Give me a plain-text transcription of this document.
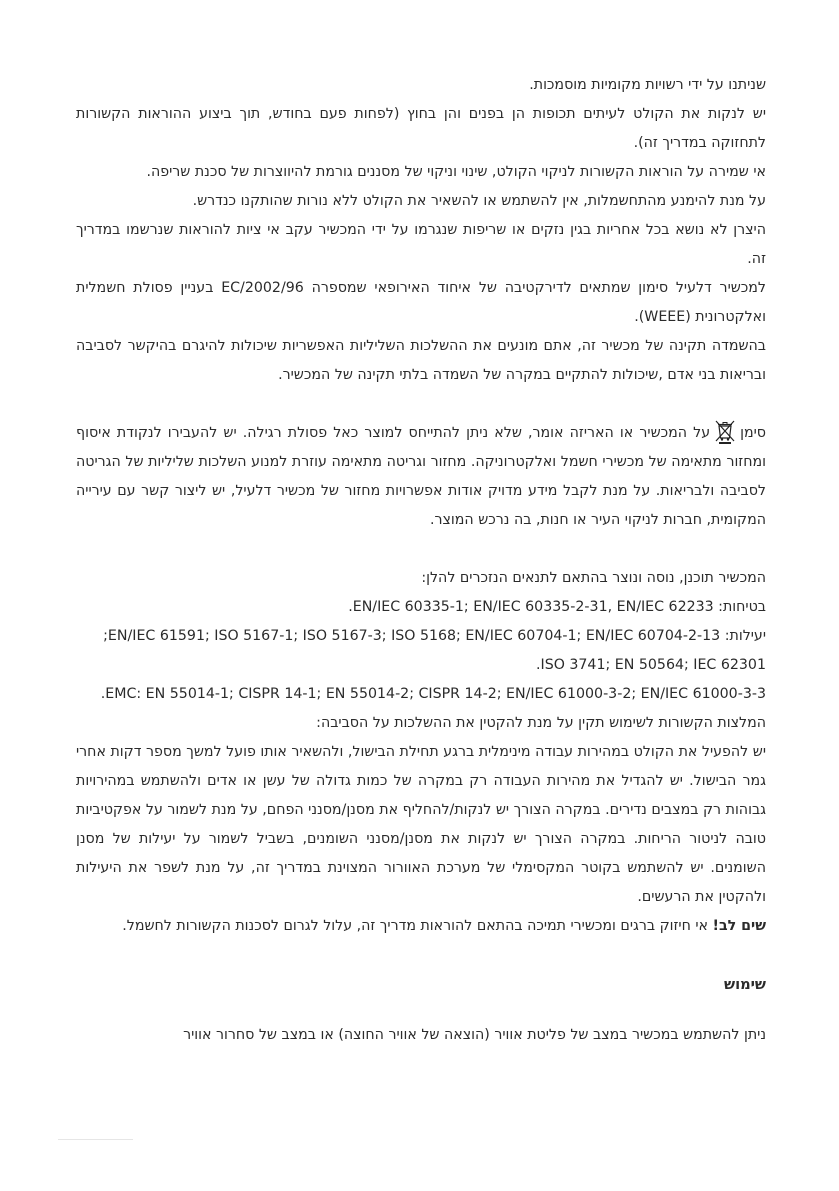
שניתנו על ידי רשויות מקומיות מוסמכות.

יש לנקות את הקולט לעיתים תכופות הן בפנים והן בחוץ (לפחות פעם בחודש, תוך ביצוע ההוראות הקשורות לתחזוקה במדריך זה).

אי שמירה על הוראות הקשורות לניקוי הקולט, שינוי וניקוי של מסננים גורמת להיווצרות של סכנת שריפה.

על מנת להימנע מהתחשמלות, אין להשתמש או להשאיר את הקולט ללא נורות שהותקנו כנדרש.

היצרן לא נושא בכל אחריות בגין נזקים או שריפות שנגרמו על ידי המכשיר עקב אי ציות להוראות שנרשמו במדריך זה.

למכשיר דלעיל סימון שמתאים לדירקטיבה של איחוד האירופאי שמספרה EC/2002/96 בעניין פסולת חשמלית ואלקטרונית (WEEE).

בהשמדה תקינה של מכשיר זה, אתם מונעים את ההשלכות השליליות האפשריות שיכולות להיגרם בהיקשר לסביבה ובריאות בני אדם ,שיכולות להתקיים במקרה של השמדה בלתי תקינה של המכשיר.

סימןעל המכשיר או האריזה אומר, שלא ניתן להתייחס למוצר כאל פסולת רגילה. יש להעבירו לנקודת איסוף ומחזור מתאימה של מכשירי חשמל ואלקטרוניקה. מחזור וגריטה מתאימה עוזרת למנוע השלכות שליליות של הגריטה לסביבה ולבריאות. על מנת לקבל מידע מדויק אודות אפשרויות מחזור של מכשיר דלעיל, יש ליצור קשר עם עירייה המקומית, חברות לניקוי העיר או חנות, בה נרכש המוצר.

המכשיר תוכנן, נוסה ונוצר בהתאם לתנאים הנזכרים להלן:

בטיחות: EN/IEC 60335-1; EN/IEC 60335-2-31, EN/IEC 62233.

יעילות: EN/IEC 61591; ISO 5167-1; ISO 5167-3; ISO 5168; EN/IEC 60704-1; EN/IEC 60704-2-13;

ISO 3741; EN 50564; IEC 62301.

EMC: EN 55014-1; CISPR 14-1; EN 55014-2; CISPR 14-2; EN/IEC 61000-3-2; EN/IEC 61000-3-3.

המלצות הקשורות לשימוש תקין על מנת להקטין את ההשלכות על הסביבה:

יש להפעיל את הקולט במהירות עבודה מינימלית ברגע תחילת הבישול, ולהשאיר אותו פועל למשך מספר דקות אחרי גמר הבישול. יש להגדיל את מהירות העבודה רק במקרה של כמות גדולה של עשן או אדים ולהשתמש במהירויות גבוהות רק במצבים נדירים. במקרה הצורך יש לנקות/להחליף את מסנן/מסנני הפחם, על מנת לשמור על אפקטיביות טובה לניטור הריחות. במקרה הצורך יש לנקות את מסנן/מסנני השומנים, בשביל לשמור על יעילות של מסנן השומנים. יש להשתמש בקוטר המקסימלי של מערכת האוורור המצוינת במדריך זה, על מנת לשפר את היעילות ולהקטין את הרעשים.

שים לב! אי חיזוק ברגים ומכשירי תמיכה בהתאם להוראות מדריך זה, עלול לגרום לסכנות הקשורות לחשמל.

שימוש

ניתן להשתמש במכשיר במצב של פליטת אוויר (הוצאה של אוויר החוצה) או במצב של סחרור אוויר
